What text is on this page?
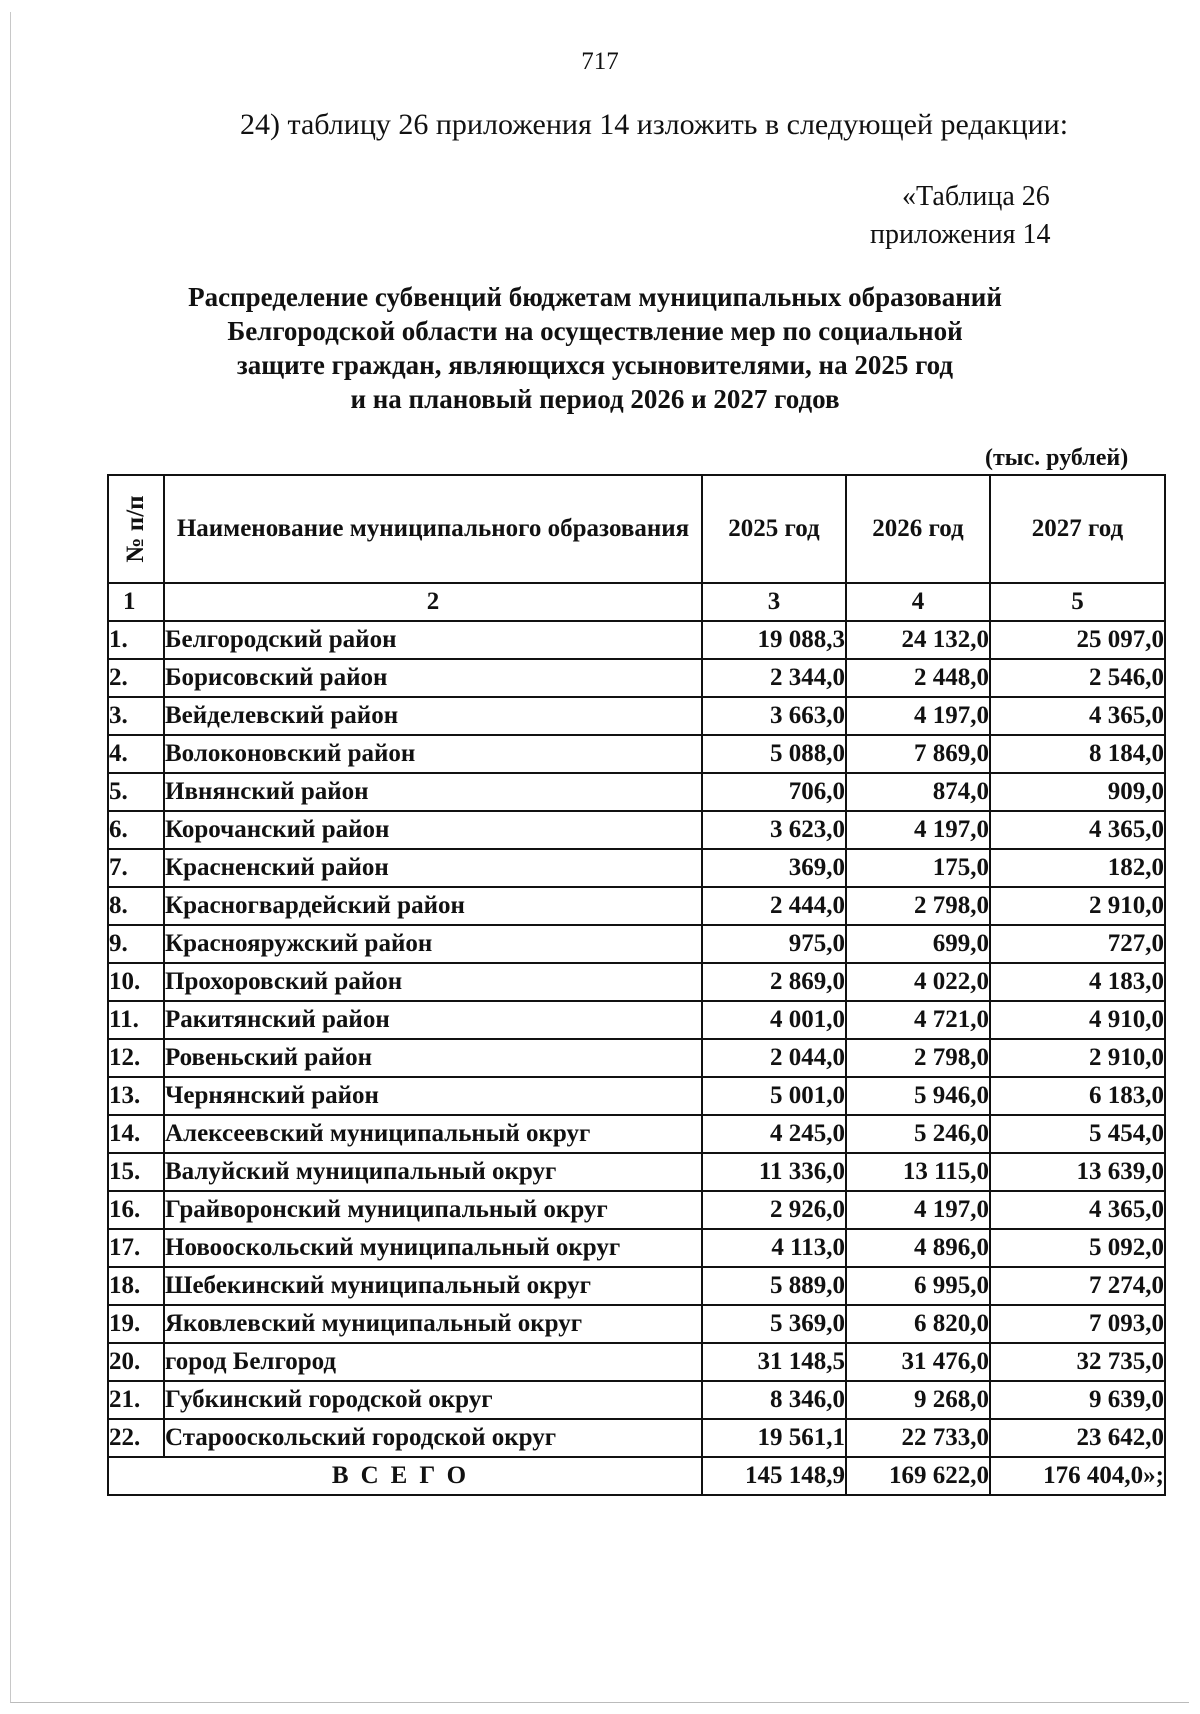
717
24) таблицу 26 приложения 14 изложить в следующей редакции:
«Таблица 26
приложения 14
Распределение субвенций бюджетам муниципальных образований
Белгородской области на осуществление мер по социальной
защите граждан, являющихся усыновителями, на 2025 год
и на плановый период 2026 и 2027 годов
(тыс. рублей)
№ п/п	Наименование муниципального образования	2025 год	2026 год	2027 год
1	2	3	4	5
1.	Белгородский район	19 088,3	24 132,0	25 097,0
2.	Борисовский район	2 344,0	2 448,0	2 546,0
3.	Вейделевский район	3 663,0	4 197,0	4 365,0
4.	Волоконовский район	5 088,0	7 869,0	8 184,0
5.	Ивнянский район	706,0	874,0	909,0
6.	Корочанский район	3 623,0	4 197,0	4 365,0
7.	Красненский район	369,0	175,0	182,0
8.	Красногвардейский район	2 444,0	2 798,0	2 910,0
9.	Краснояружский район	975,0	699,0	727,0
10.	Прохоровский район	2 869,0	4 022,0	4 183,0
11.	Ракитянский район	4 001,0	4 721,0	4 910,0
12.	Ровеньский район	2 044,0	2 798,0	2 910,0
13.	Чернянский район	5 001,0	5 946,0	6 183,0
14.	Алексеевский муниципальный округ	4 245,0	5 246,0	5 454,0
15.	Валуйский муниципальный округ	11 336,0	13 115,0	13 639,0
16.	Грайворонский муниципальный округ	2 926,0	4 197,0	4 365,0
17.	Новооскольский муниципальный округ	4 113,0	4 896,0	5 092,0
18.	Шебекинский муниципальный округ	5 889,0	6 995,0	7 274,0
19.	Яковлевский муниципальный округ	5 369,0	6 820,0	7 093,0
20.	город Белгород	31 148,5	31 476,0	32 735,0
21.	Губкинский городской округ	8 346,0	9 268,0	9 639,0
22.	Старооскольский городской округ	19 561,1	22 733,0	23 642,0
ВСЕГО		145 148,9	169 622,0	176 404,0»;
